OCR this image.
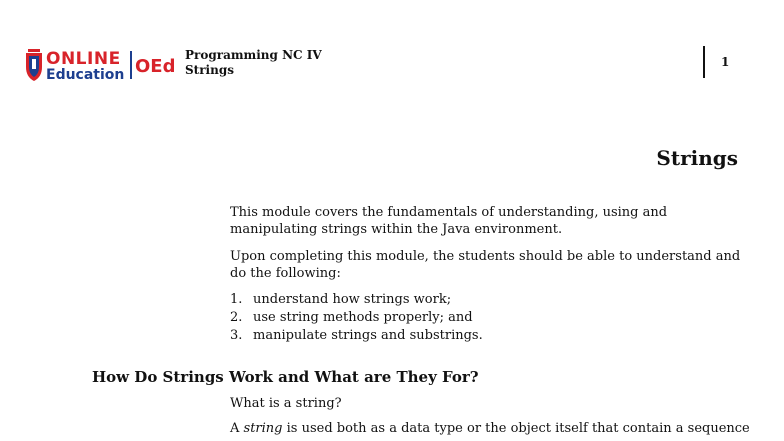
ONLINE
Education OEd
Programming NC IV
Strings
1
Strings
This module covers the fundamentals of understanding, using and manipulating strings within the Java environment.
Upon completing this module, the students should be able to understand and do the following:
1. understand how strings work;
2. use string methods properly; and
3. manipulate strings and substrings.
How Do Strings Work and What are They For?
What is a string?
A string is used both as a data type or the object itself that contain a sequence
